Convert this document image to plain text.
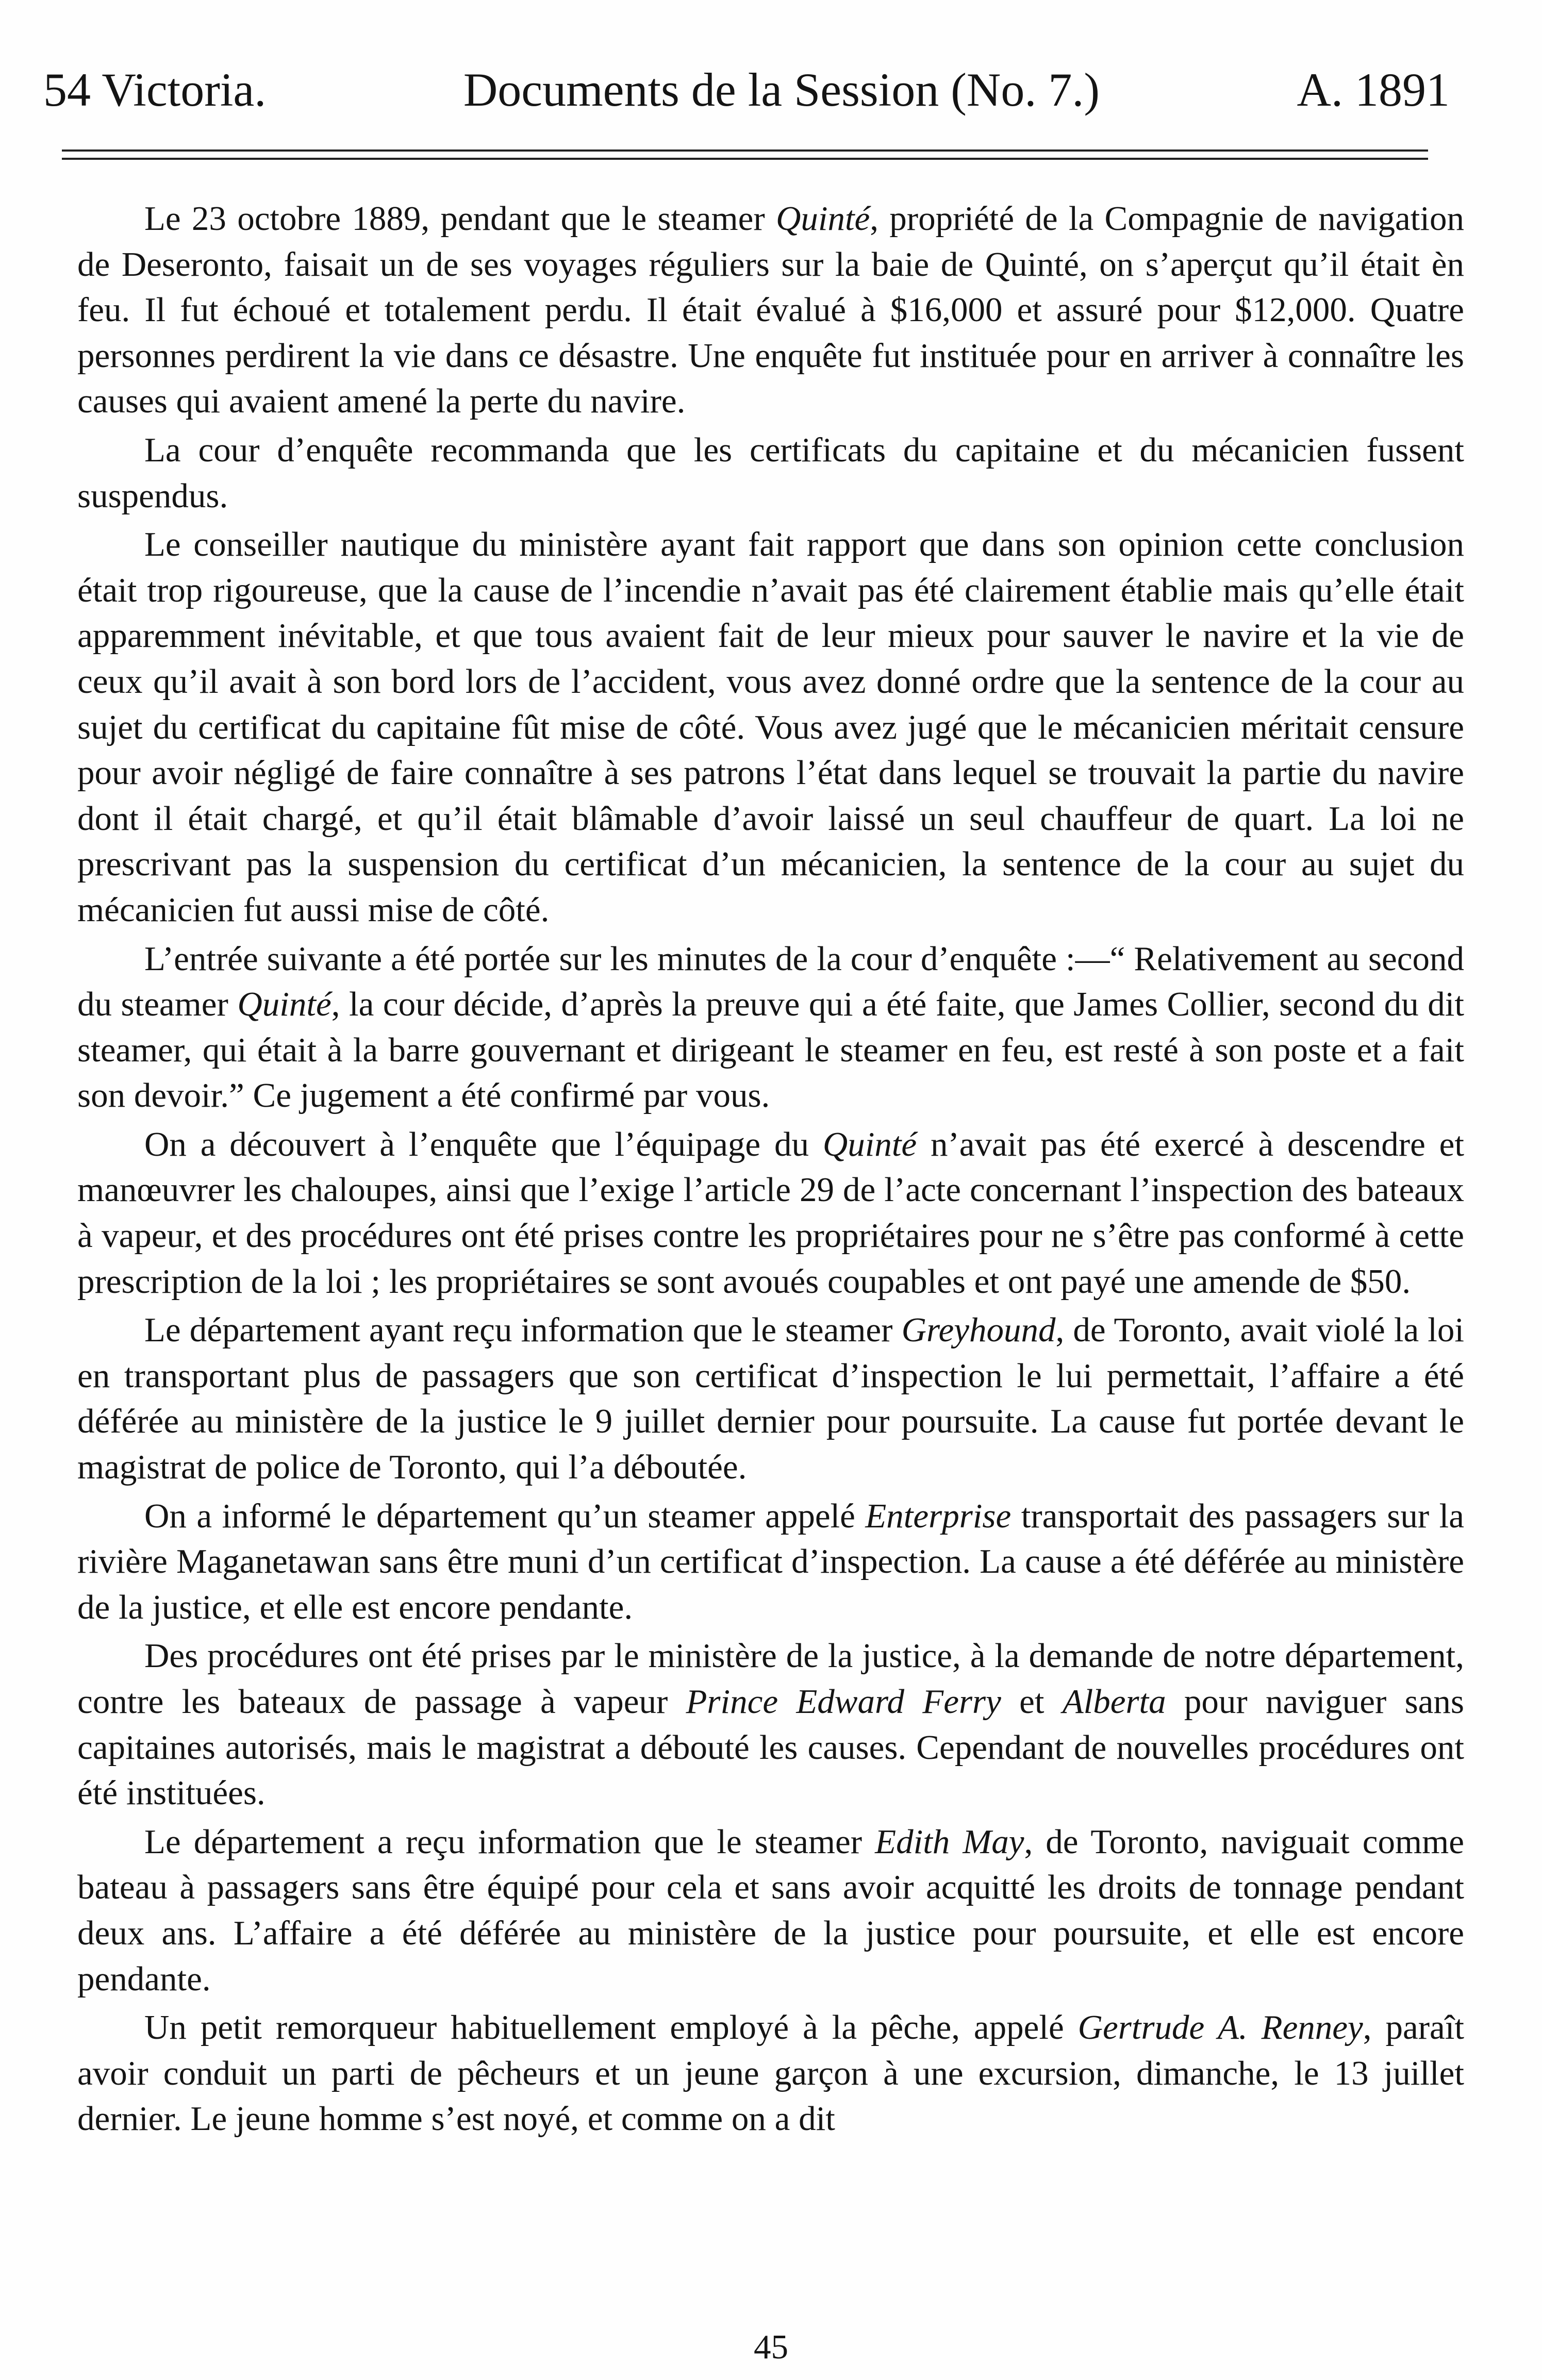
54 Victoria.	Documents de la Session (No. 7.)	A. 1891

Le 23 octobre 1889, pendant que le steamer Quinté, propriété de la Compagnie de navigation de Deseronto, faisait un de ses voyages réguliers sur la baie de Quinté, on s’aperçut qu’il était èn feu. Il fut échoué et totalement perdu. Il était évalué à $16,000 et assuré pour $12,000. Quatre personnes perdirent la vie dans ce désastre. Une enquête fut instituée pour en arriver à connaître les causes qui avaient amené la perte du navire.

La cour d’enquête recommanda que les certificats du capitaine et du mécanicien fussent suspendus.

Le conseiller nautique du ministère ayant fait rapport que dans son opinion cette conclusion était trop rigoureuse, que la cause de l’incendie n’avait pas été clairement établie mais qu’elle était apparemment inévitable, et que tous avaient fait de leur mieux pour sauver le navire et la vie de ceux qu’il avait à son bord lors de l’accident, vous avez donné ordre que la sentence de la cour au sujet du certificat du capitaine fût mise de côté. Vous avez jugé que le mécanicien méritait censure pour avoir négligé de faire connaître à ses patrons l’état dans lequel se trouvait la partie du navire dont il était chargé, et qu’il était blâmable d’avoir laissé un seul chauffeur de quart. La loi ne prescrivant pas la suspension du certificat d’un mécanicien, la sentence de la cour au sujet du mécanicien fut aussi mise de côté.

L’entrée suivante a été portée sur les minutes de la cour d’enquête :—“ Relativement au second du steamer Quinté, la cour décide, d’après la preuve qui a été faite, que James Collier, second du dit steamer, qui était à la barre gouvernant et dirigeant le steamer en feu, est resté à son poste et a fait son devoir.” Ce jugement a été confirmé par vous.

On a découvert à l’enquête que l’équipage du Quinté n’avait pas été exercé à descendre et manœuvrer les chaloupes, ainsi que l’exige l’article 29 de l’acte concernant l’inspection des bateaux à vapeur, et des procédures ont été prises contre les propriétaires pour ne s’être pas conformé à cette prescription de la loi ; les propriétaires se sont avoués coupables et ont payé une amende de $50.

Le département ayant reçu information que le steamer Greyhound, de Toronto, avait violé la loi en transportant plus de passagers que son certificat d’inspection le lui permettait, l’affaire a été déférée au ministère de la justice le 9 juillet dernier pour poursuite. La cause fut portée devant le magistrat de police de Toronto, qui l’a déboutée.

On a informé le département qu’un steamer appelé Enterprise transportait des passagers sur la rivière Maganetawan sans être muni d’un certificat d’inspection. La cause a été déférée au ministère de la justice, et elle est encore pendante.

Des procédures ont été prises par le ministère de la justice, à la demande de notre département, contre les bateaux de passage à vapeur Prince Edward Ferry et Alberta pour naviguer sans capitaines autorisés, mais le magistrat a débouté les causes. Cependant de nouvelles procédures ont été instituées.

Le département a reçu information que le steamer Edith May, de Toronto, naviguait comme bateau à passagers sans être équipé pour cela et sans avoir acquitté les droits de tonnage pendant deux ans. L’affaire a été déférée au ministère de la justice pour poursuite, et elle est encore pendante.

Un petit remorqueur habituellement employé à la pêche, appelé Gertrude A. Renney, paraît avoir conduit un parti de pêcheurs et un jeune garçon à une excursion, dimanche, le 13 juillet dernier. Le jeune homme s’est noyé, et comme on a dit

45
